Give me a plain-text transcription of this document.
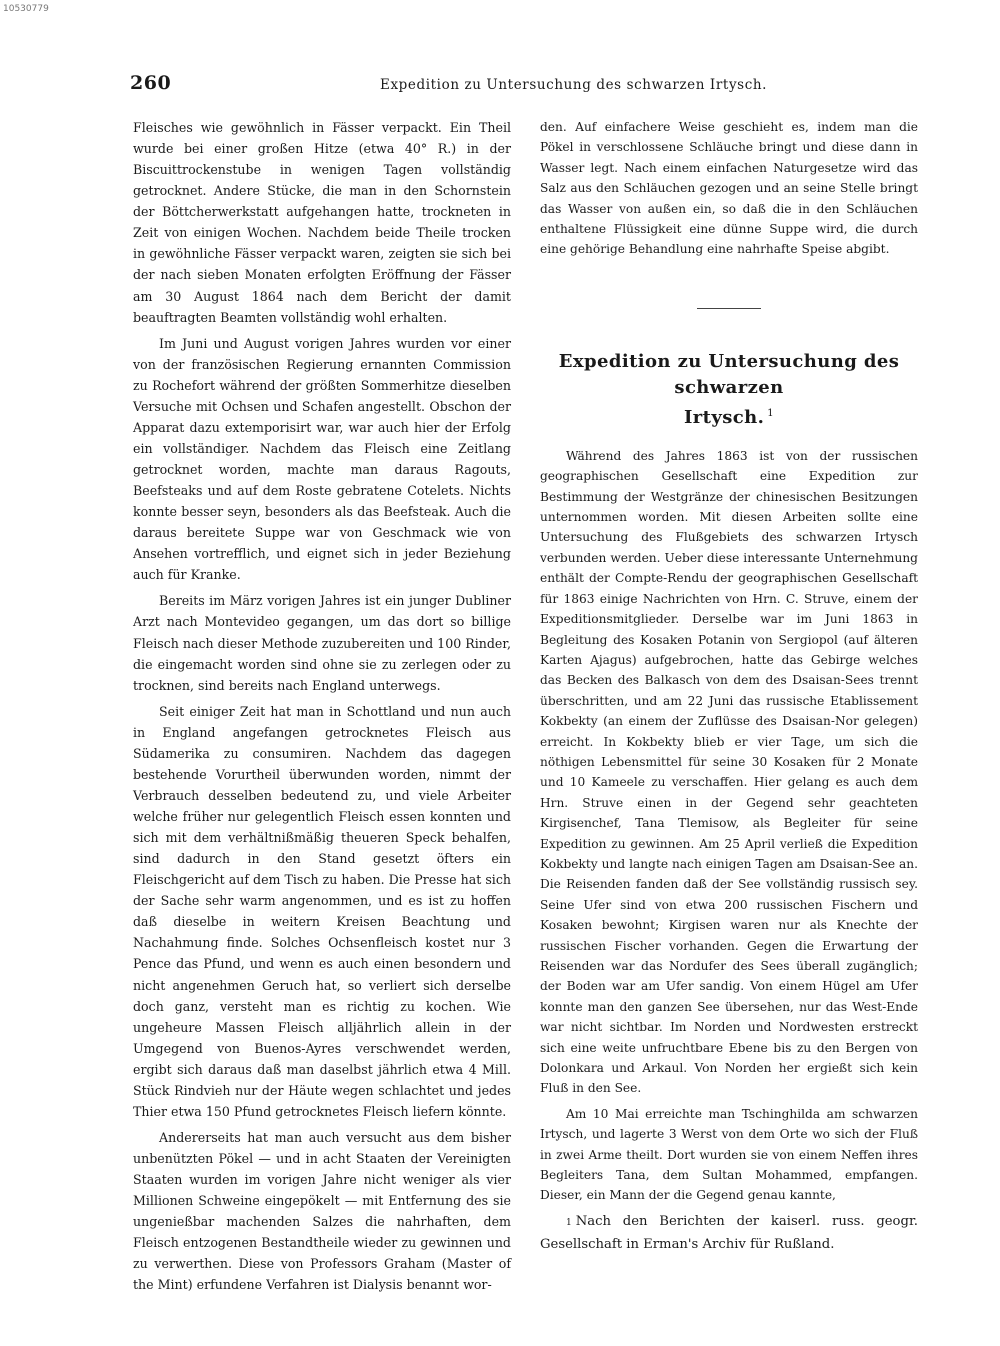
10530779
260	Expedition zu Untersuchung des schwarzen Irtysch.

Fleisches wie gewöhnlich in Fässer verpackt. Ein Theil wurde bei einer großen Hitze (etwa 40° R.) in der Biscuittrockenstube in wenigen Tagen vollständig getrocknet. Andere Stücke, die man in den Schornstein der Böttcherwerkstatt aufgehangen hatte, trockneten in Zeit von einigen Wochen. Nachdem beide Theile trocken in gewöhnliche Fässer verpackt waren, zeigten sie sich bei der nach sieben Monaten erfolgten Eröffnung der Fässer am 30 August 1864 nach dem Bericht der damit beauftragten Beamten vollständig wohl erhalten.

Im Juni und August vorigen Jahres wurden vor einer von der französischen Regierung ernannten Commission zu Rochefort während der größten Sommerhitze dieselben Versuche mit Ochsen und Schafen angestellt. Obschon der Apparat dazu extemporisirt war, war auch hier der Erfolg ein vollständiger. Nachdem das Fleisch eine Zeitlang getrocknet worden, machte man daraus Ragouts, Beefsteaks und auf dem Roste gebratene Cotelets. Nichts konnte besser seyn, besonders als das Beefsteak. Auch die daraus bereitete Suppe war von Geschmack wie von Ansehen vortrefflich, und eignet sich in jeder Beziehung auch für Kranke.

Bereits im März vorigen Jahres ist ein junger Dubliner Arzt nach Montevideo gegangen, um das dort so billige Fleisch nach dieser Methode zuzubereiten und 100 Rinder, die eingemacht worden sind ohne sie zu zerlegen oder zu trocknen, sind bereits nach England unterwegs.

Seit einiger Zeit hat man in Schottland und nun auch in England angefangen getrocknetes Fleisch aus Südamerika zu consumiren. Nachdem das dagegen bestehende Vorurtheil überwunden worden, nimmt der Verbrauch desselben bedeutend zu, und viele Arbeiter welche früher nur gelegentlich Fleisch essen konnten und sich mit dem verhältnißmäßig theueren Speck behalfen, sind dadurch in den Stand gesetzt öfters ein Fleischgericht auf dem Tisch zu haben. Die Presse hat sich der Sache sehr warm angenommen, und es ist zu hoffen daß dieselbe in weitern Kreisen Beachtung und Nachahmung finde. Solches Ochsenfleisch kostet nur 3 Pence das Pfund, und wenn es auch einen besondern und nicht angenehmen Geruch hat, so verliert sich derselbe doch ganz, versteht man es richtig zu kochen. Wie ungeheure Massen Fleisch alljährlich allein in der Umgegend von Buenos-Ayres verschwendet werden, ergibt sich daraus daß man daselbst jährlich etwa 4 Mill. Stück Rindvieh nur der Häute wegen schlachtet und jedes Thier etwa 150 Pfund getrocknetes Fleisch liefern könnte.

Andererseits hat man auch versucht aus dem bisher unbenützten Pökel — und in acht Staaten der Vereinigten Staaten wurden im vorigen Jahre nicht weniger als vier Millionen Schweine eingepökelt — mit Entfernung des sie ungenießbar machenden Salzes die nahrhaften, dem Fleisch entzogenen Bestandtheile wieder zu gewinnen und zu verwerthen. Diese von Professors Graham (Master of the Mint) erfundene Verfahren ist Dialysis benannt wor-

den. Auf einfachere Weise geschieht es, indem man die Pökel in verschlossene Schläuche bringt und diese dann in Wasser legt. Nach einem einfachen Naturgesetze wird das Salz aus den Schläuchen gezogen und an seine Stelle bringt das Wasser von außen ein, so daß die in den Schläuchen enthaltene Flüssigkeit eine dünne Suppe wird, die durch eine gehörige Behandlung eine nahrhafte Speise abgibt.

Expedition zu Untersuchung des schwarzen
Irtysch. $^1$

Während des Jahres 1863 ist von der russischen geographischen Gesellschaft eine Expedition zur Bestimmung der Westgränze der chinesischen Besitzungen unternommen worden. Mit diesen Arbeiten sollte eine Untersuchung des Flußgebiets des schwarzen Irtysch verbunden werden. Ueber diese interessante Unternehmung enthält der Compte-Rendu der geographischen Gesellschaft für 1863 einige Nachrichten von Hrn. C. Struve, einem der Expeditionsmitglieder. Derselbe war im Juni 1863 in Begleitung des Kosaken Potanin von Sergiopol (auf älteren Karten Ajagus) aufgebrochen, hatte das Gebirge welches das Becken des Balkasch von dem des Dsaisan-Sees trennt überschritten, und am 22 Juni das russische Etablissement Kokbekty (an einem der Zuflüsse des Dsaisan-Nor gelegen) erreicht. In Kokbekty blieb er vier Tage, um sich die nöthigen Lebensmittel für seine 30 Kosaken für 2 Monate und 10 Kameele zu verschaffen. Hier gelang es auch dem Hrn. Struve einen in der Gegend sehr geachteten Kirgisenchef, Tana Tlemisow, als Begleiter für seine Expedition zu gewinnen. Am 25 April verließ die Expedition Kokbekty und langte nach einigen Tagen am Dsaisan-See an. Die Reisenden fanden daß der See vollständig russisch sey. Seine Ufer sind von etwa 200 russischen Fischern und Kosaken bewohnt; Kirgisen waren nur als Knechte der russischen Fischer vorhanden. Gegen die Erwartung der Reisenden war das Nordufer des Sees überall zugänglich; der Boden war am Ufer sandig. Von einem Hügel am Ufer konnte man den ganzen See übersehen, nur das West-Ende war nicht sichtbar. Im Norden und Nordwesten erstreckt sich eine weite unfruchtbare Ebene bis zu den Bergen von Dolonkara und Arkaul. Von Norden her ergießt sich kein Fluß in den See.

Am 10 Mai erreichte man Tschinghilda am schwarzen Irtysch, und lagerte 3 Werst von dem Orte wo sich der Fluß in zwei Arme theilt. Dort wurden sie von einem Neffen ihres Begleiters Tana, dem Sultan Mohammed, empfangen. Dieser, ein Mann der die Gegend genau kannte,

1 Nach den Berichten der kaiserl. russ. geogr. Gesellschaft in Erman's Archiv für Rußland.
